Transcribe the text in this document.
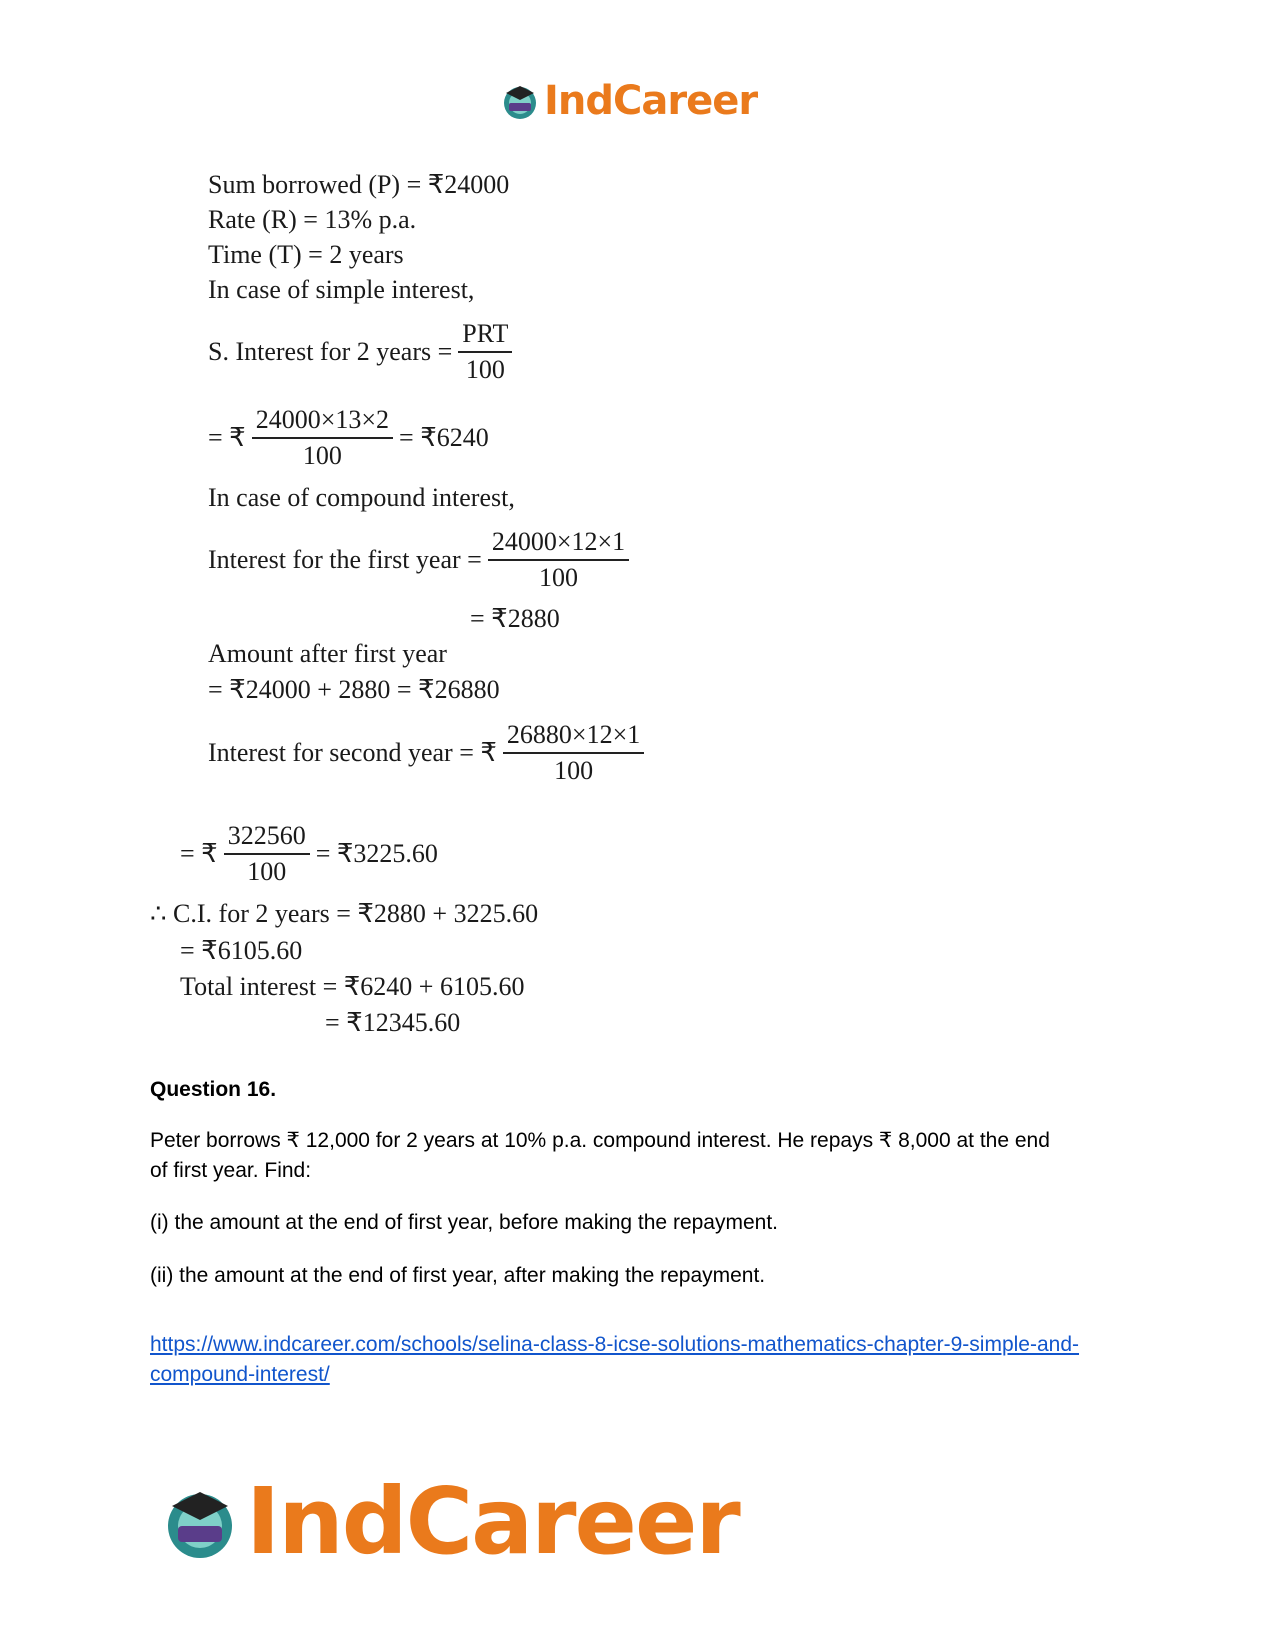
IndCareer
Sum borrowed (P) = ₹24000
Rate (R) = 13% p.a.
Time (T) = 2 years
In case of simple interest,
S. Interest for 2 years = $\frac{\text{PRT}}{100}$
= ₹ $\frac{24000\times 13\times 2}{100}$ = ₹6240
In case of compound interest,
Interest for the first year = $\frac{24000\times 12\times 1}{100}$
= ₹2880
Amount after first year
= ₹24000 + 2880 = ₹26880
Interest for second year = ₹ $\frac{26880\times 12\times 1}{100}$
= ₹ $\frac{322560}{100}$ = ₹3225.60
∴ C.I. for 2 years = ₹2880 + 3225.60
= ₹6105.60
Total interest = ₹6240 + 6105.60
= ₹12345.60
Question 16.
Peter borrows ₹ 12,000 for 2 years at 10% p.a. compound interest. He repays ₹ 8,000 at the end of first year. Find:
(i) the amount at the end of first year, before making the repayment.
(ii) the amount at the end of first year, after making the repayment.
https://www.indcareer.com/schools/selina-class-8-icse-solutions-mathematics-chapter-9-simple-and-compound-interest/
IndCareer
